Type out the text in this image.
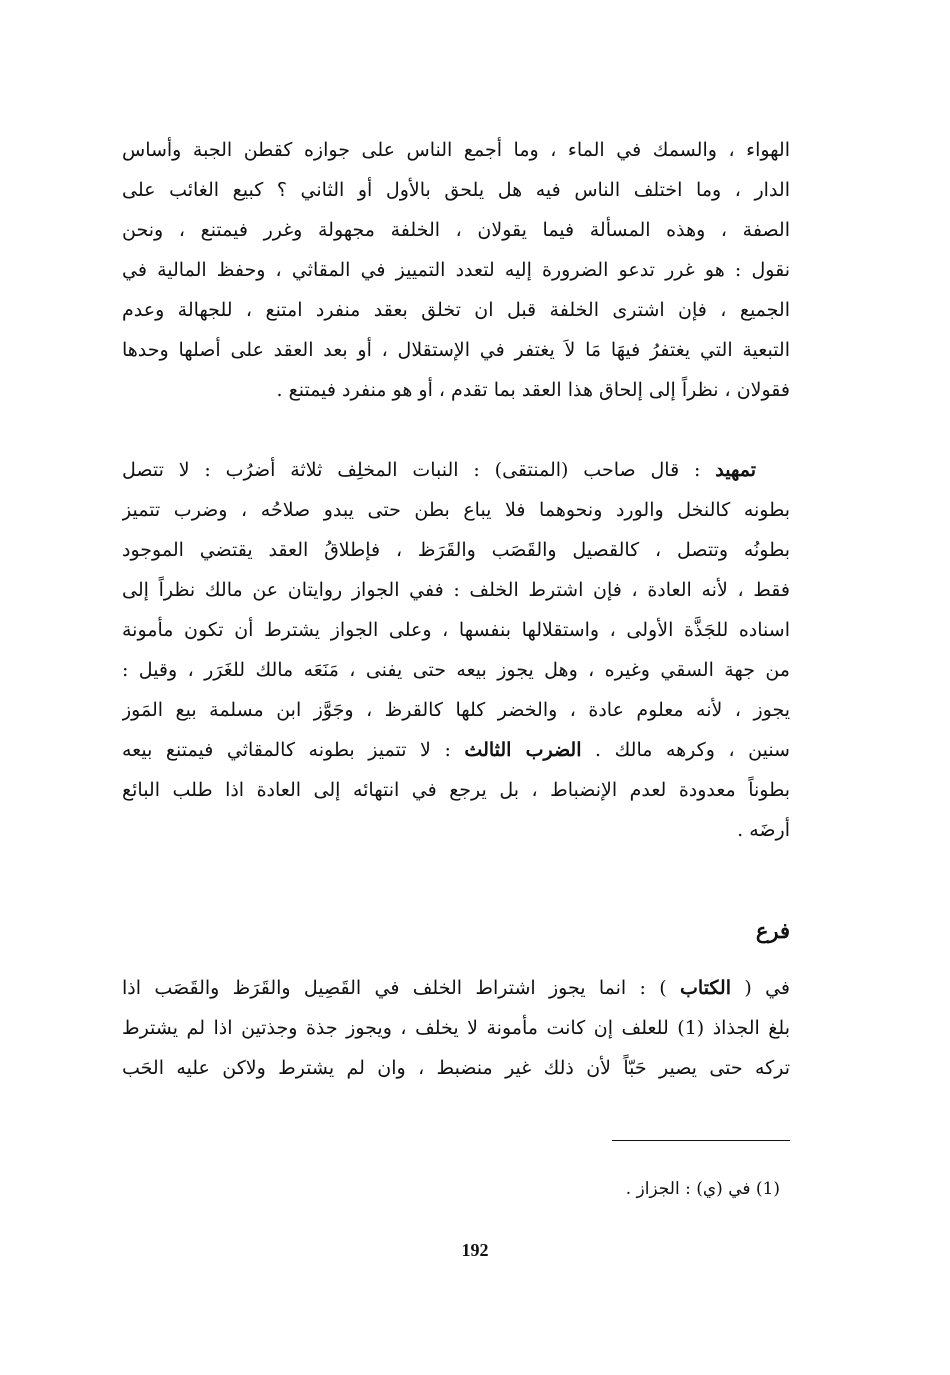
الهواء ، والسمك في الماء ، وما أجمع الناس على جوازه كقطن الجبة وأساس
الدار ، وما اختلف الناس فيه هل يلحق بالأول أو الثاني ؟ كبيع الغائب على
الصفة ، وهذه المسألة فيما يقولان ، الخلفة مجهولة وغرر فيمتنع ، ونحن
نقول : هو غرر تدعو الضرورة إليه لتعدد التمييز في المقاثي ، وحفظ المالية في
الجميع ، فإن اشترى الخلفة قبل ان تخلق بعقد منفرد امتنع ، للجهالة وعدم
التبعية التي يغتفرُ فيهَا مَا لاَ يغتفر في الإستقلال ، أو بعد العقد على أصلها وحدها
فقولان ، نظراً إلى إلحاق هذا العقد بما تقدم ، أو هو منفرد فيمتنع .
تمهيد : قال صاحب (المنتقى) : النبات المخلِف ثلاثة أضرُب : لا تتصل
بطونه كالنخل والورد ونحوهما فلا يباع بطن حتى يبدو صلاحُه ، وضرب تتميز
بطونُه وتتصل ، كالقصيل والقَصَب والقَرَظ ، فإطلاقُ العقد يقتضي الموجود
فقط ، لأنه العادة ، فإن اشترط الخلف : ففي الجواز روايتان عن مالك نظراً إلى
اسناده للجَذَّة الأولى ، واستقلالها بنفسها ، وعلى الجواز يشترط أن تكون مأمونة
من جهة السقي وغيره ، وهل يجوز بيعه حتى يفنى ، مَنَعَه مالك للغَرَر ، وقيل :
يجوز ، لأنه معلوم عادة ، والخضر كلها كالقرظ ، وجَوَّز ابن مسلمة بيع المَوز
سنين ، وكرهه مالك . الضرب الثالث : لا تتميز بطونه كالمقاثي فيمتنع بيعه
بطوناً معدودة لعدم الإنضباط ، بل يرجع في انتهائه إلى العادة اذا طلب البائع
أرضَه .
فرع
في ( الكتاب ) : انما يجوز اشتراط الخلف في القَصِيل والقَرَظ والقَصَب اذا
بلغ الجذاذ (1) للعلف إن كانت مأمونة لا يخلف ، ويجوز جذة وجذتين اذا لم يشترط
تركه حتى يصير حَبّاً لأن ذلك غير منضبط ، وان لم يشترط ولاكن عليه الحَب
(1) في (ي) : الجزاز .
192
